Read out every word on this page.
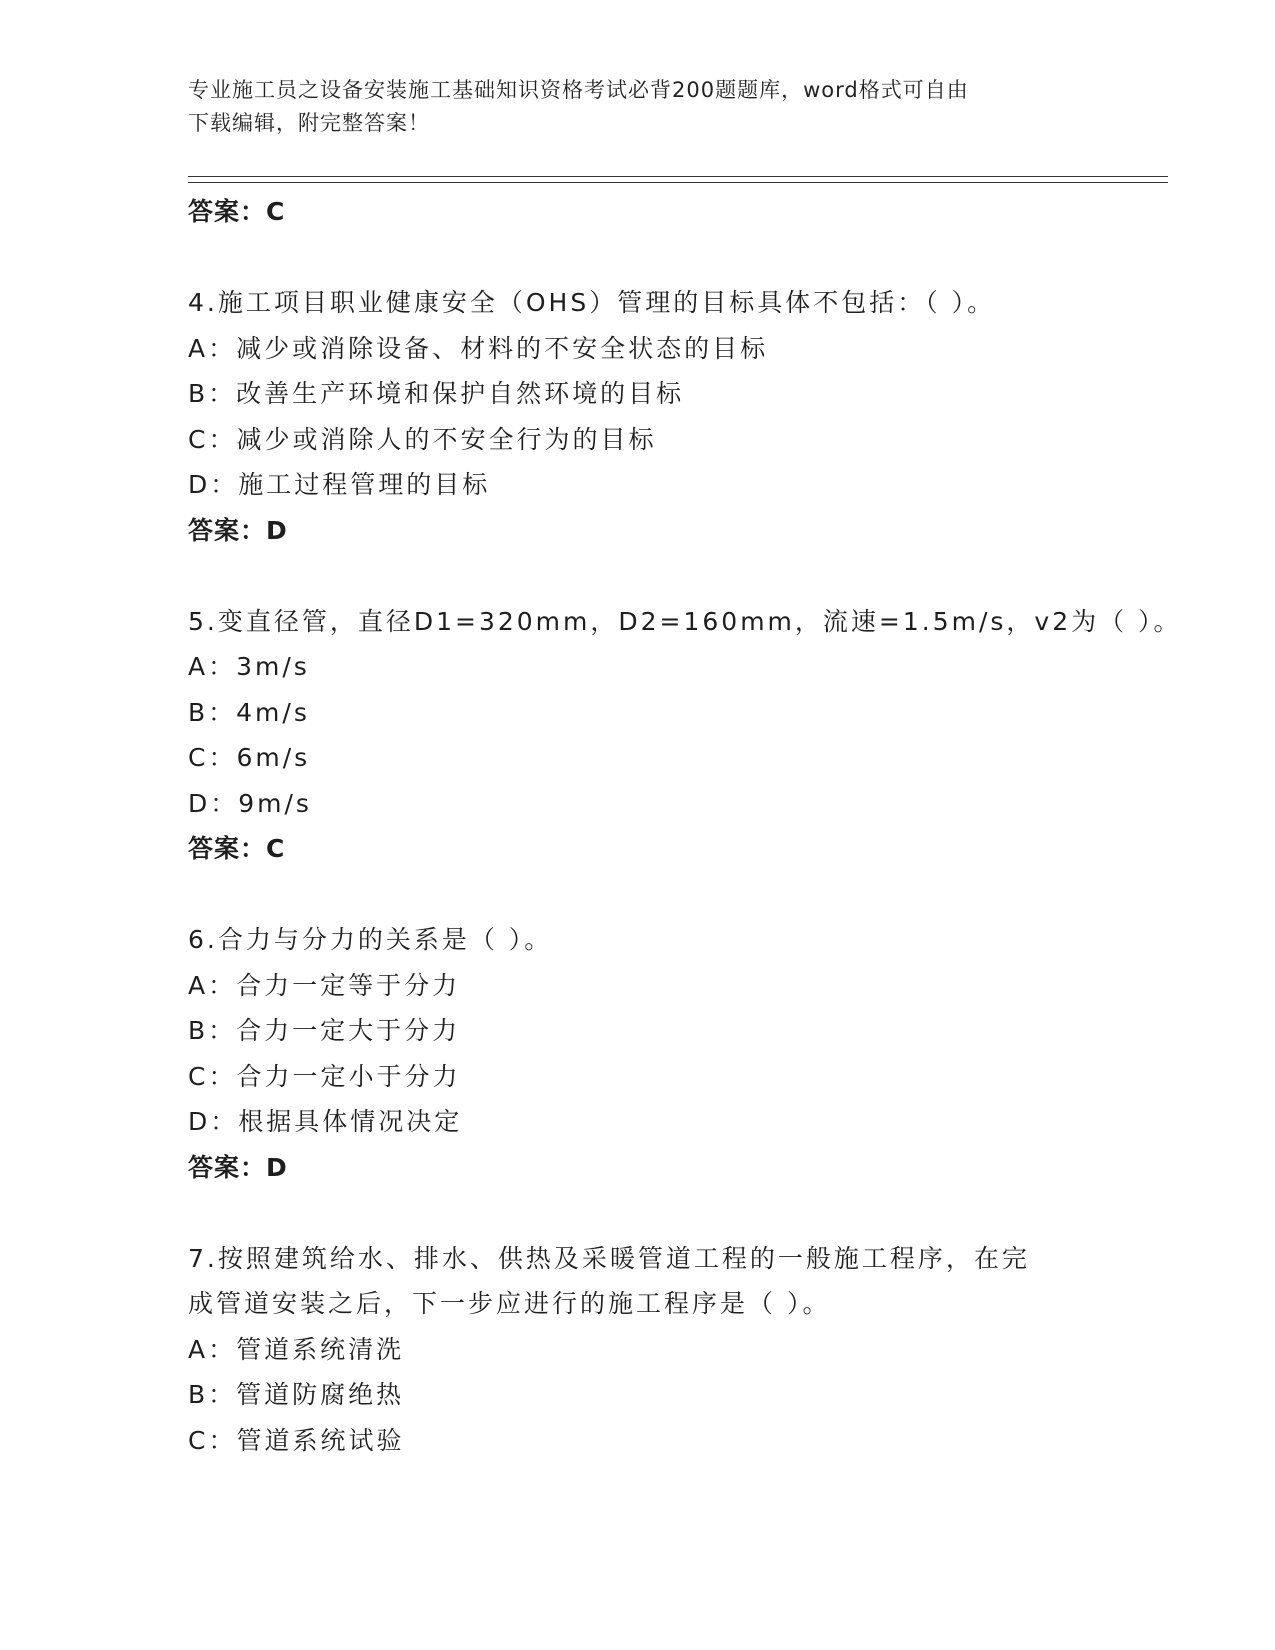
专业施工员之设备安装施工基础知识资格考试必背200题题库，word格式可自由
下载编辑，附完整答案！
答案：C
4.施工项目职业健康安全（OHS）管理的目标具体不包括：（ ）。
A：减少或消除设备、材料的不安全状态的目标
B：改善生产环境和保护自然环境的目标
C：减少或消除人的不安全行为的目标
D：施工过程管理的目标
答案：D
5.变直径管，直径D1=320mm，D2=160mm，流速=1.5m/s，v2为（ ）。
A：3m/s
B：4m/s
C：6m/s
D：9m/s
答案：C
6.合力与分力的关系是（ ）。
A：合力一定等于分力
B：合力一定大于分力
C：合力一定小于分力
D：根据具体情况决定
答案：D
7.按照建筑给水、排水、供热及采暖管道工程的一般施工程序，在完
成管道安装之后，下一步应进行的施工程序是（ ）。
A：管道系统清洗
B：管道防腐绝热
C：管道系统试验
